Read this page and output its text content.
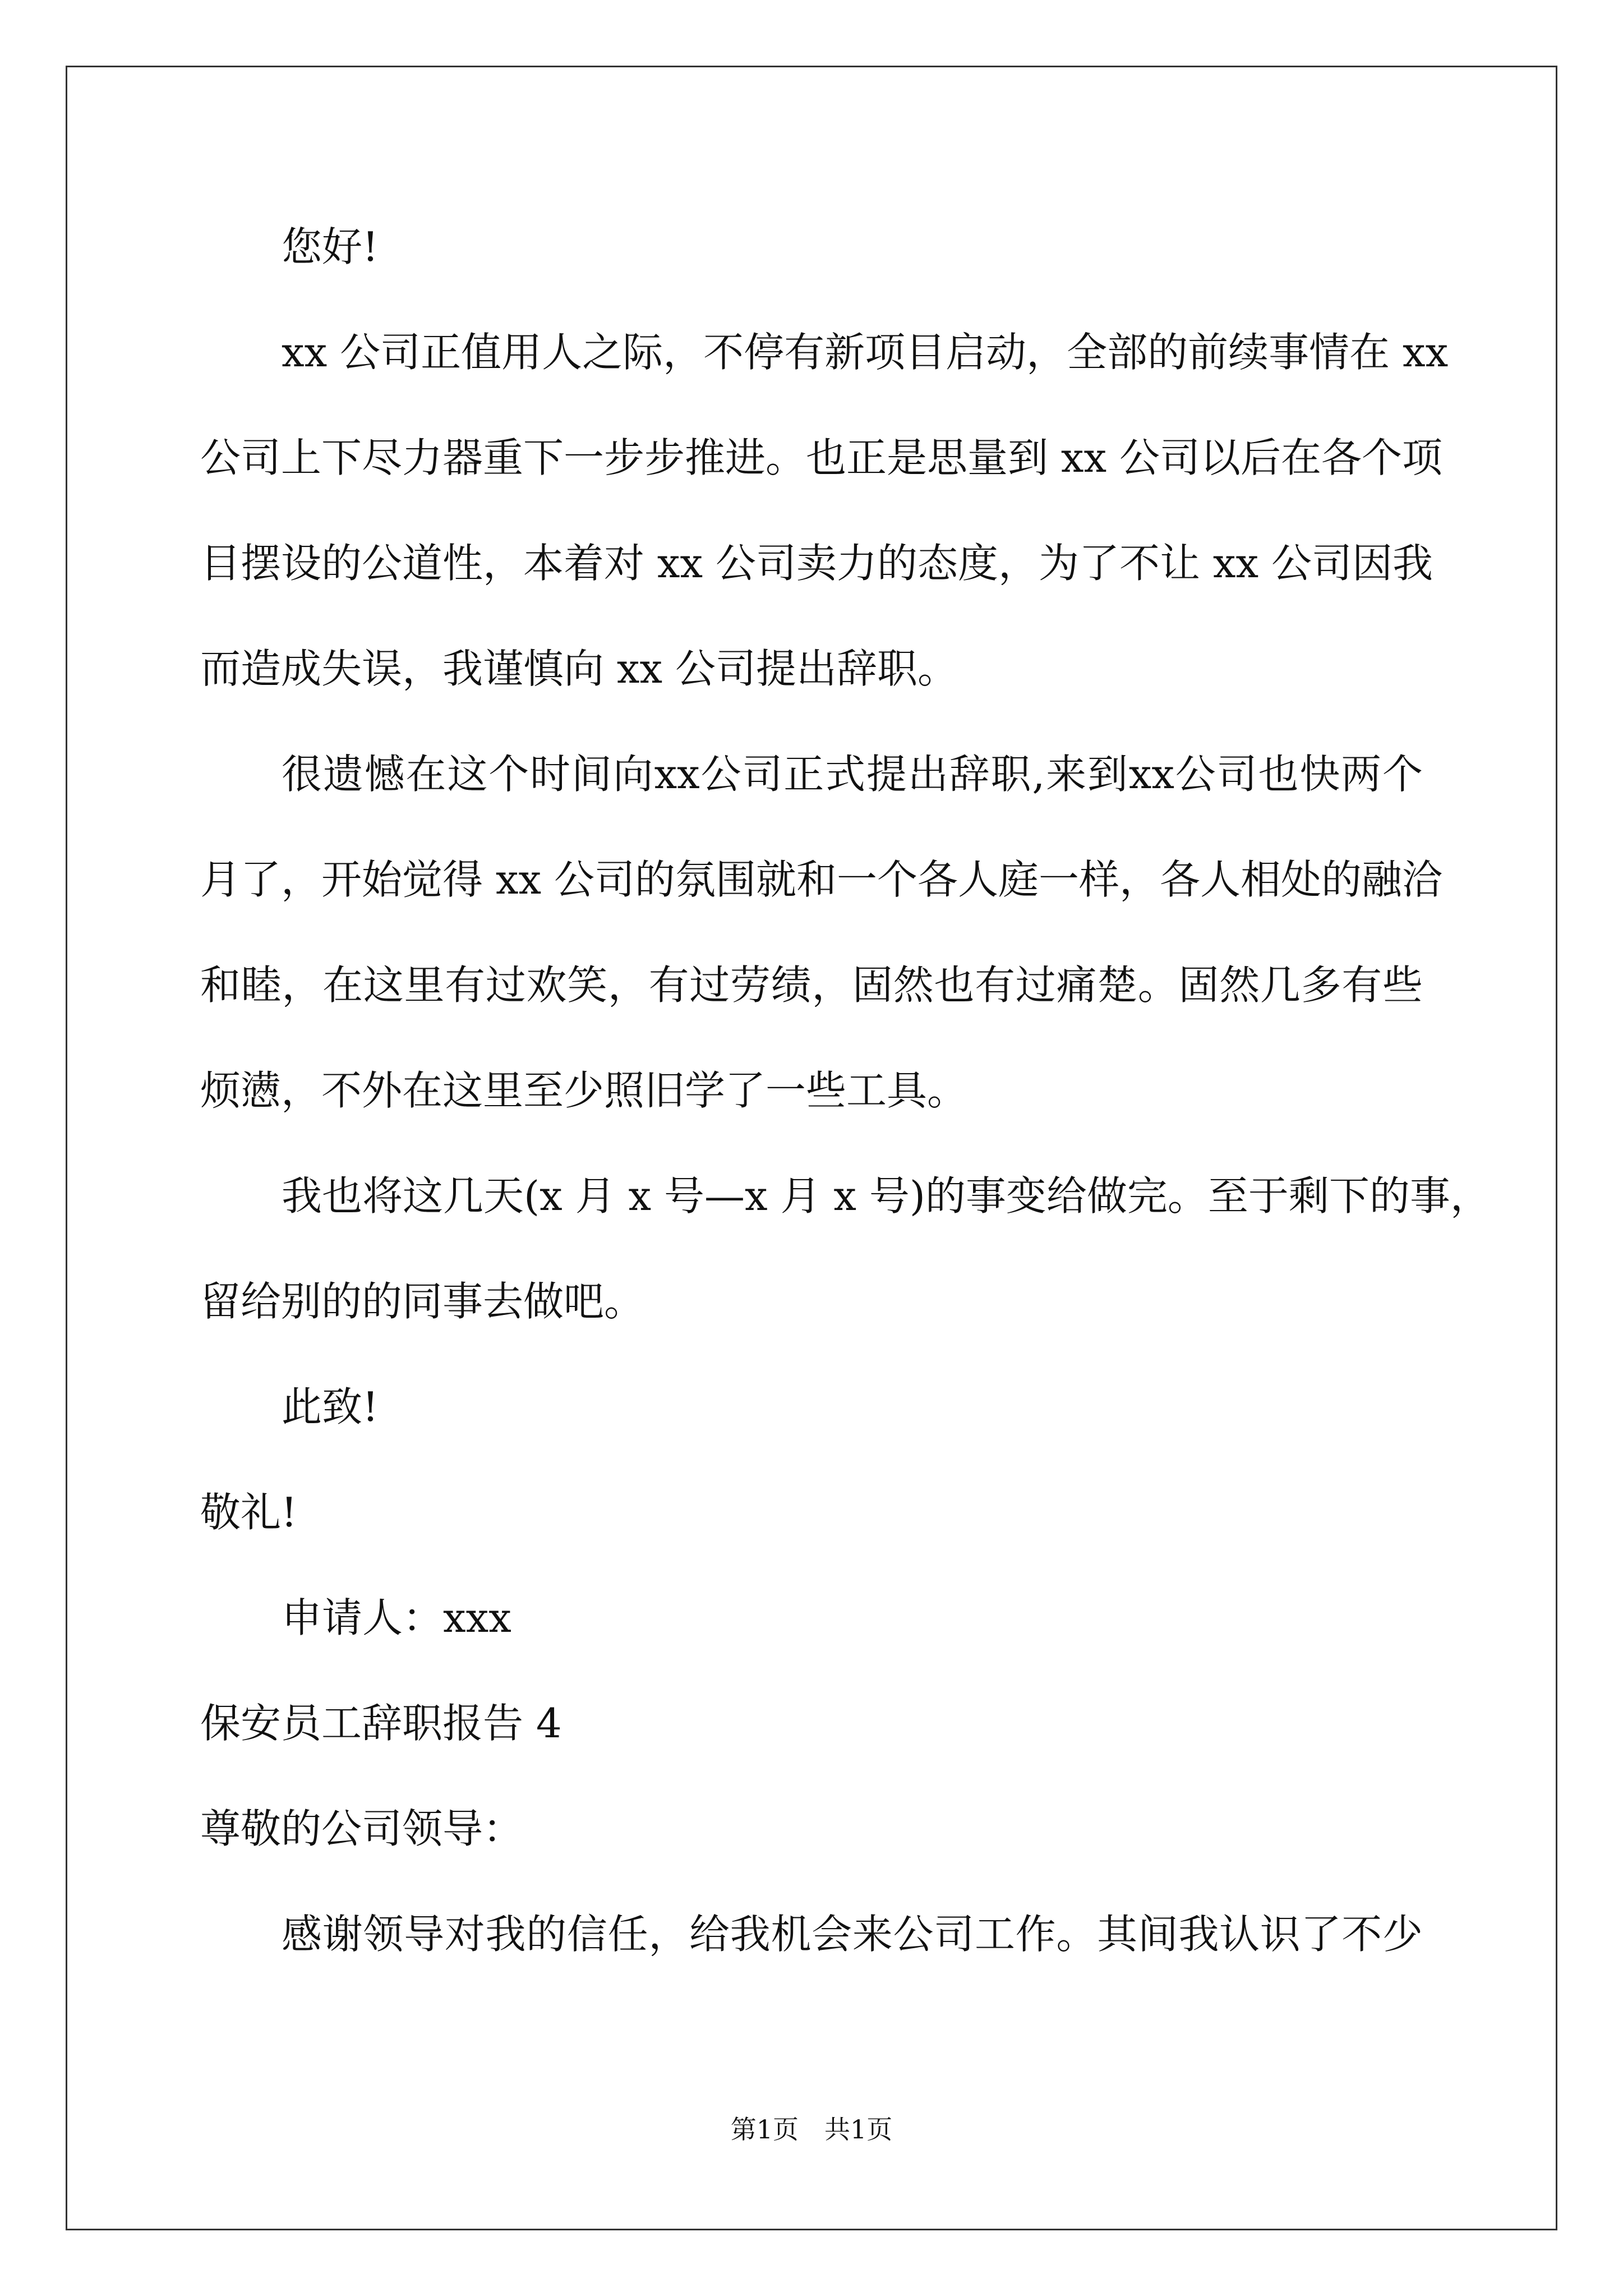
您好!
xx 公司正值用人之际，不停有新项目启动，全部的前续事情在 xx
公司上下尽力器重下一步步推进。也正是思量到 xx 公司以后在各个项
目摆设的公道性，本着对 xx 公司卖力的态度，为了不让 xx 公司因我
而造成失误，我谨慎向 xx 公司提出辞职。
很遗憾在这个时间向xx公司正式提出辞职,来到xx公司也快两个
月了，开始觉得 xx 公司的氛围就和一个各人庭一样，各人相处的融洽
和睦，在这里有过欢笑，有过劳绩，固然也有过痛楚。固然几多有些
烦懑，不外在这里至少照旧学了一些工具。
我也将这几天(x 月 x 号—x 月 x 号)的事变给做完。至于剩下的事，
留给别的的同事去做吧。
此致!
敬礼!
申请人：xxx
保安员工辞职报告 4
尊敬的公司领导：
感谢领导对我的信任，给我机会来公司工作。其间我认识了不少
第1页　共1页
